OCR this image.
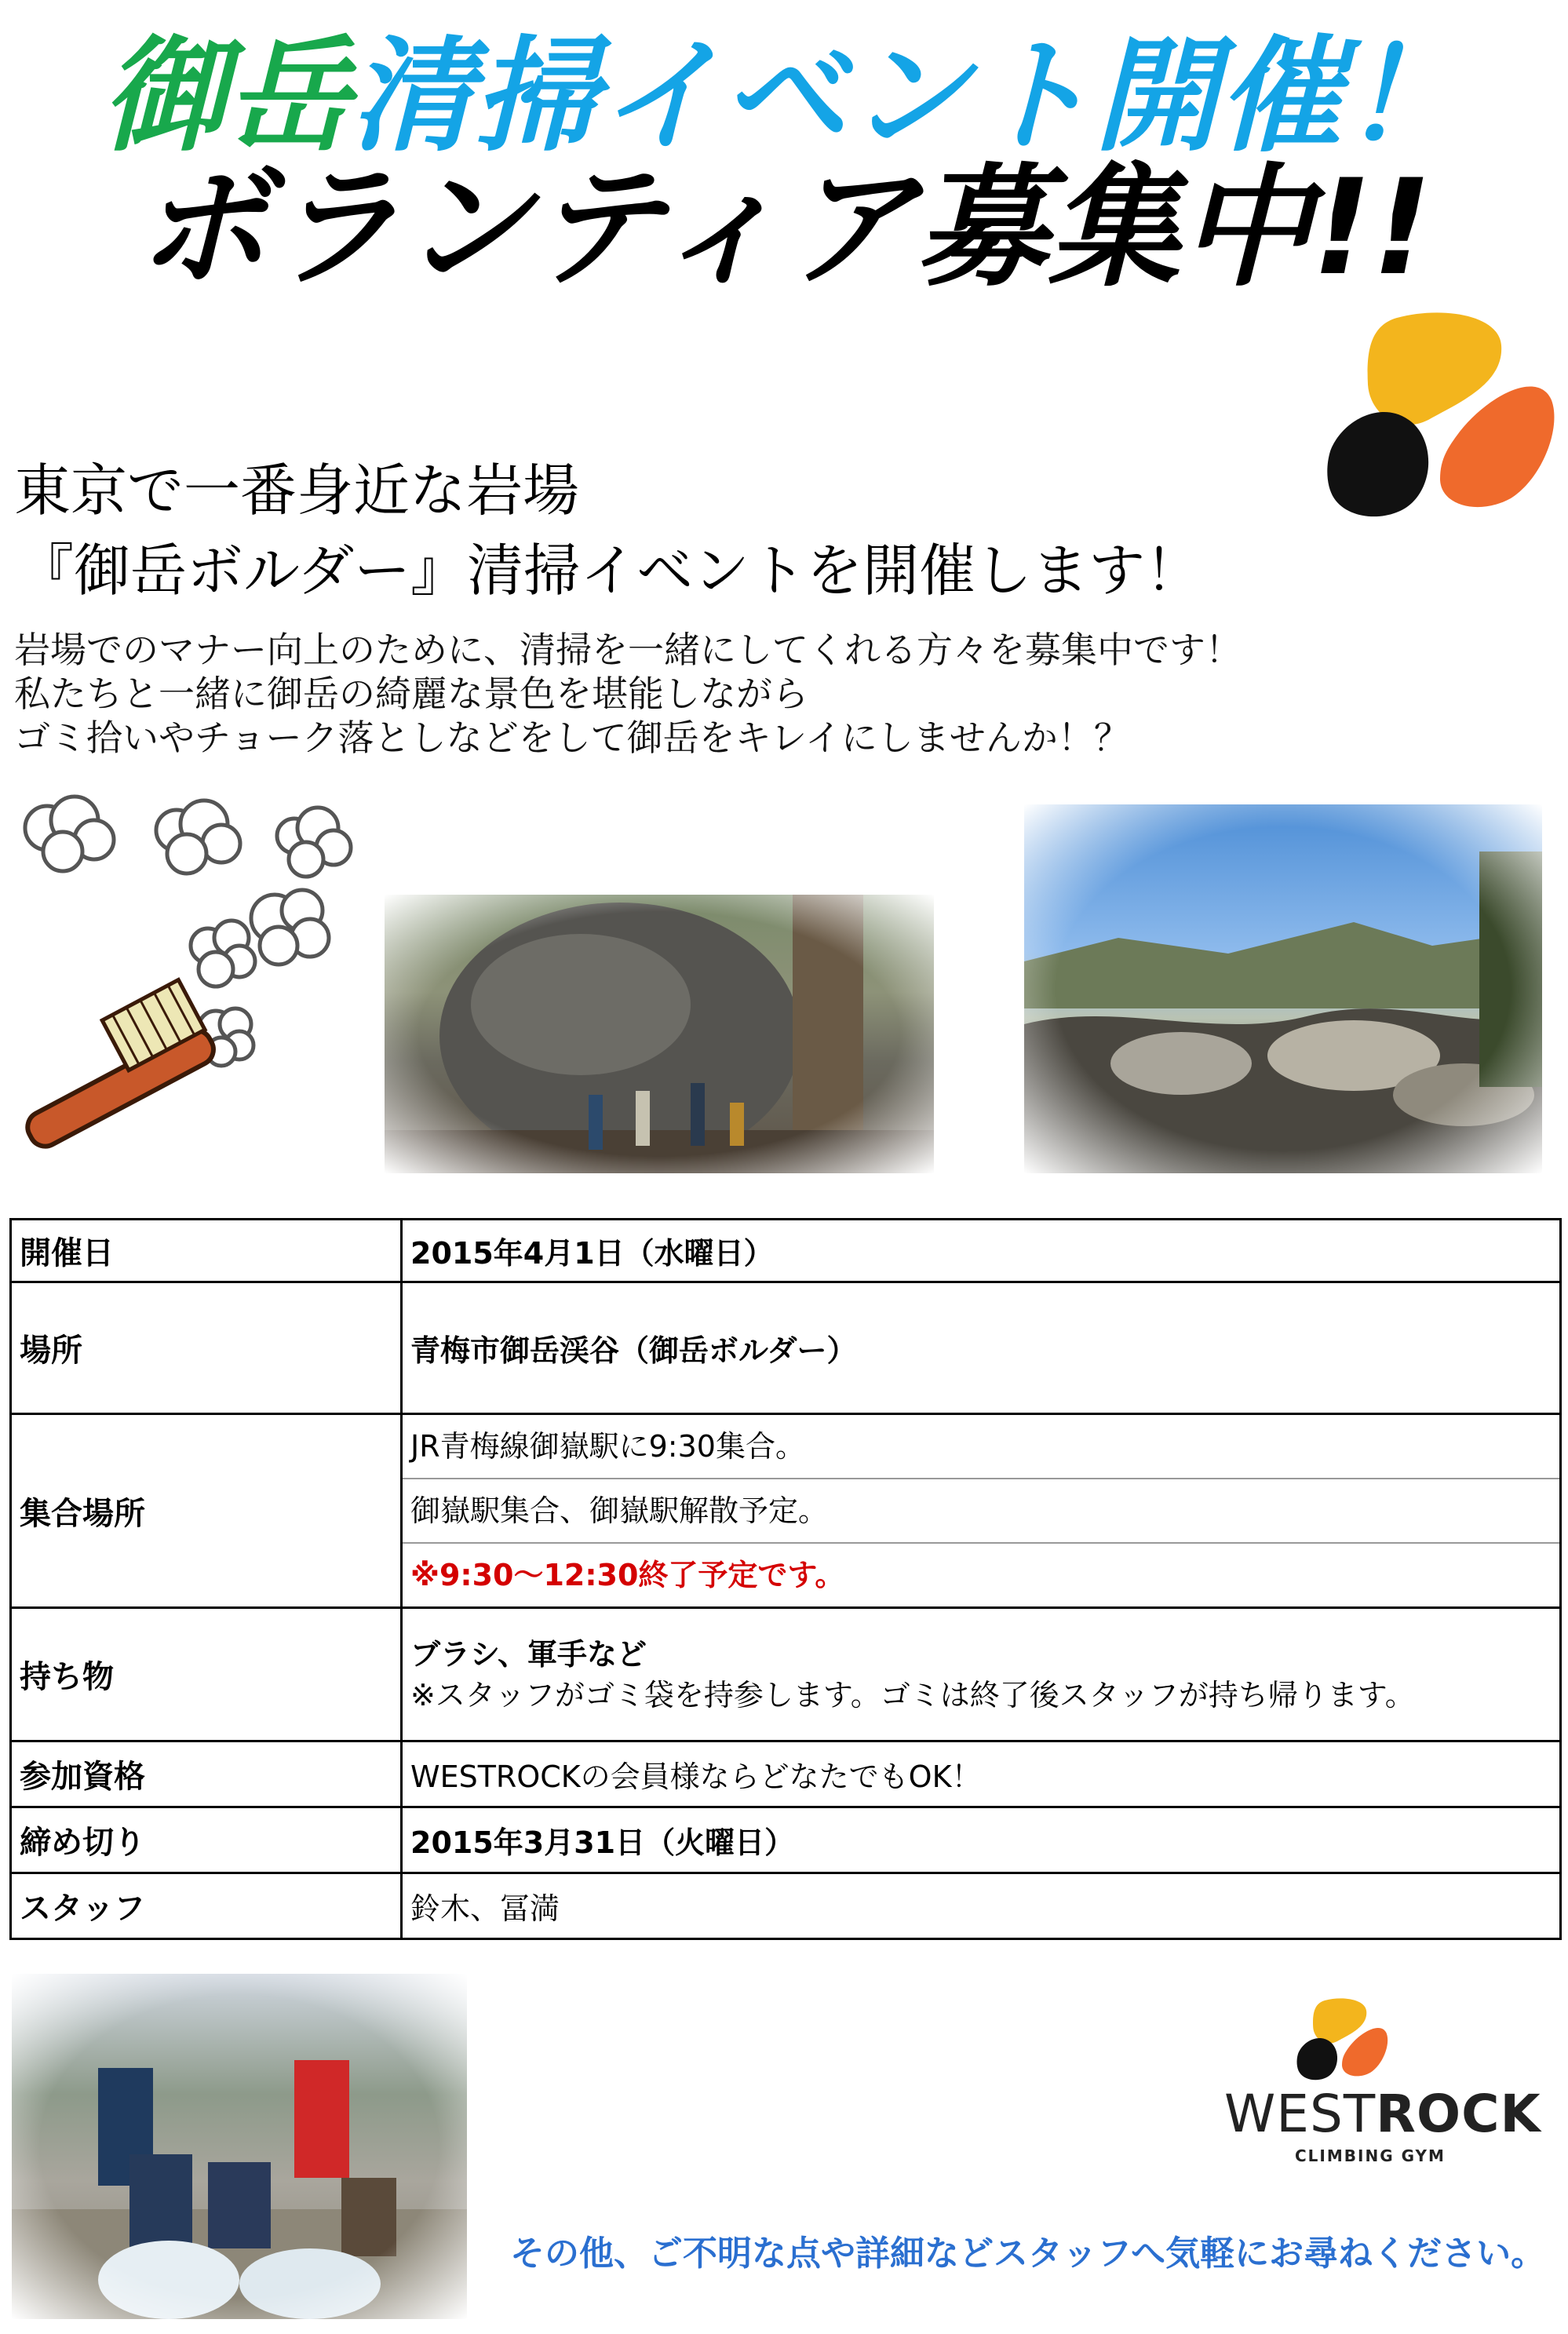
御岳清掃イベント開催！
ボランティア募集中!!
東京で一番身近な岩場
『御岳ボルダー』清掃イベントを開催します！
岩場でのマナー向上のために、清掃を一緒にしてくれる方々を募集中です！
私たちと一緒に御岳の綺麗な景色を堪能しながら
ゴミ拾いやチョーク落としなどをして御岳をキレイにしませんか！？
開催日	2015年4月1日（水曜日）
場所	青梅市御岳渓谷（御岳ボルダー）
集合場所	JR青梅線御嶽駅に9:30集合。
御嶽駅集合、御嶽駅解散予定。
※9:30～12:30終了予定です。

持ち物	ブラシ、軍手など
※スタッフがゴミ袋を持参します。ゴミは終了後スタッフが持ち帰ります。

参加資格	WESTROCKの会員様ならどなたでもOK！
締め切り	2015年3月31日（火曜日）
スタッフ	鈴木、冨満
WESTROCK
CLIMBING GYM
その他、ご不明な点や詳細などスタッフへ気軽にお尋ねください。
